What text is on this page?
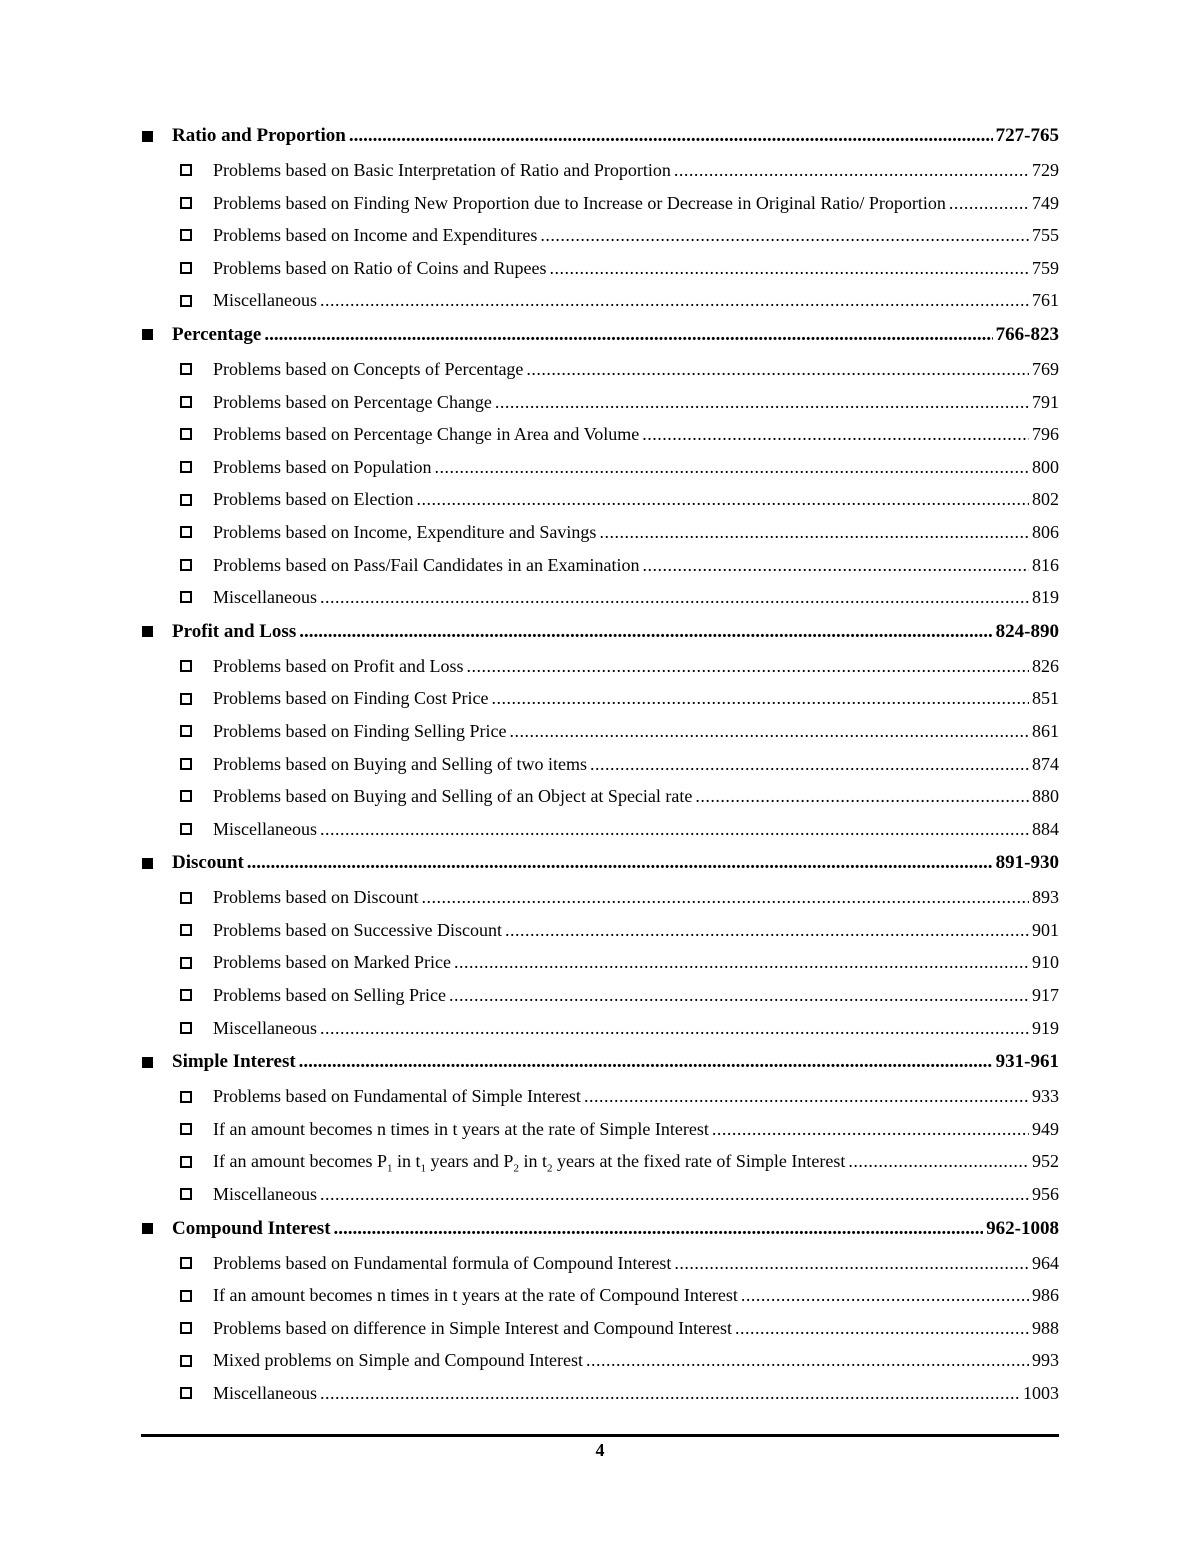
Ratio and Proportion .....	727-765
Problems based on Basic Interpretation of Ratio and Proportion .....	729
Problems based on Finding New Proportion due to Increase or Decrease in Original Ratio/ Proportion .....	749
Problems based on Income and Expenditures .....	755
Problems based on Ratio of Coins and Rupees .....	759
Miscellaneous .....	761
Percentage .....	766-823
Problems based on Concepts of Percentage .....	769
Problems based on Percentage Change .....	791
Problems based on Percentage Change in Area and Volume .....	796
Problems based on Population .....	800
Problems based on Election .....	802
Problems based on Income, Expenditure and Savings .....	806
Problems based on Pass/Fail Candidates in an Examination .....	816
Miscellaneous .....	819
Profit and Loss .....	824-890
Problems based on Profit and Loss .....	826
Problems based on Finding Cost Price .....	851
Problems based on Finding Selling Price .....	861
Problems based on Buying and Selling of two items .....	874
Problems based on Buying and Selling of an Object at Special rate .....	880
Miscellaneous .....	884
Discount .....	891-930
Problems based on Discount .....	893
Problems based on Successive Discount .....	901
Problems based on Marked Price .....	910
Problems based on Selling Price .....	917
Miscellaneous .....	919
Simple Interest .....	931-961
Problems based on Fundamental of Simple Interest .....	933
If an amount becomes n times in t years at the rate of Simple Interest .....	949
If an amount becomes $P_1$ in $t_1$ years and $P_2$ in $t_2$ years at the fixed rate of Simple Interest .....	952
Miscellaneous .....	956
Compound Interest .....	962-1008
Problems based on Fundamental formula of Compound Interest .....	964
If an amount becomes n times in t years at the rate of Compound Interest .....	986
Problems based on difference in Simple Interest and Compound Interest .....	988
Mixed problems on Simple and Compound Interest .....	993
Miscellaneous .....	1003
4
